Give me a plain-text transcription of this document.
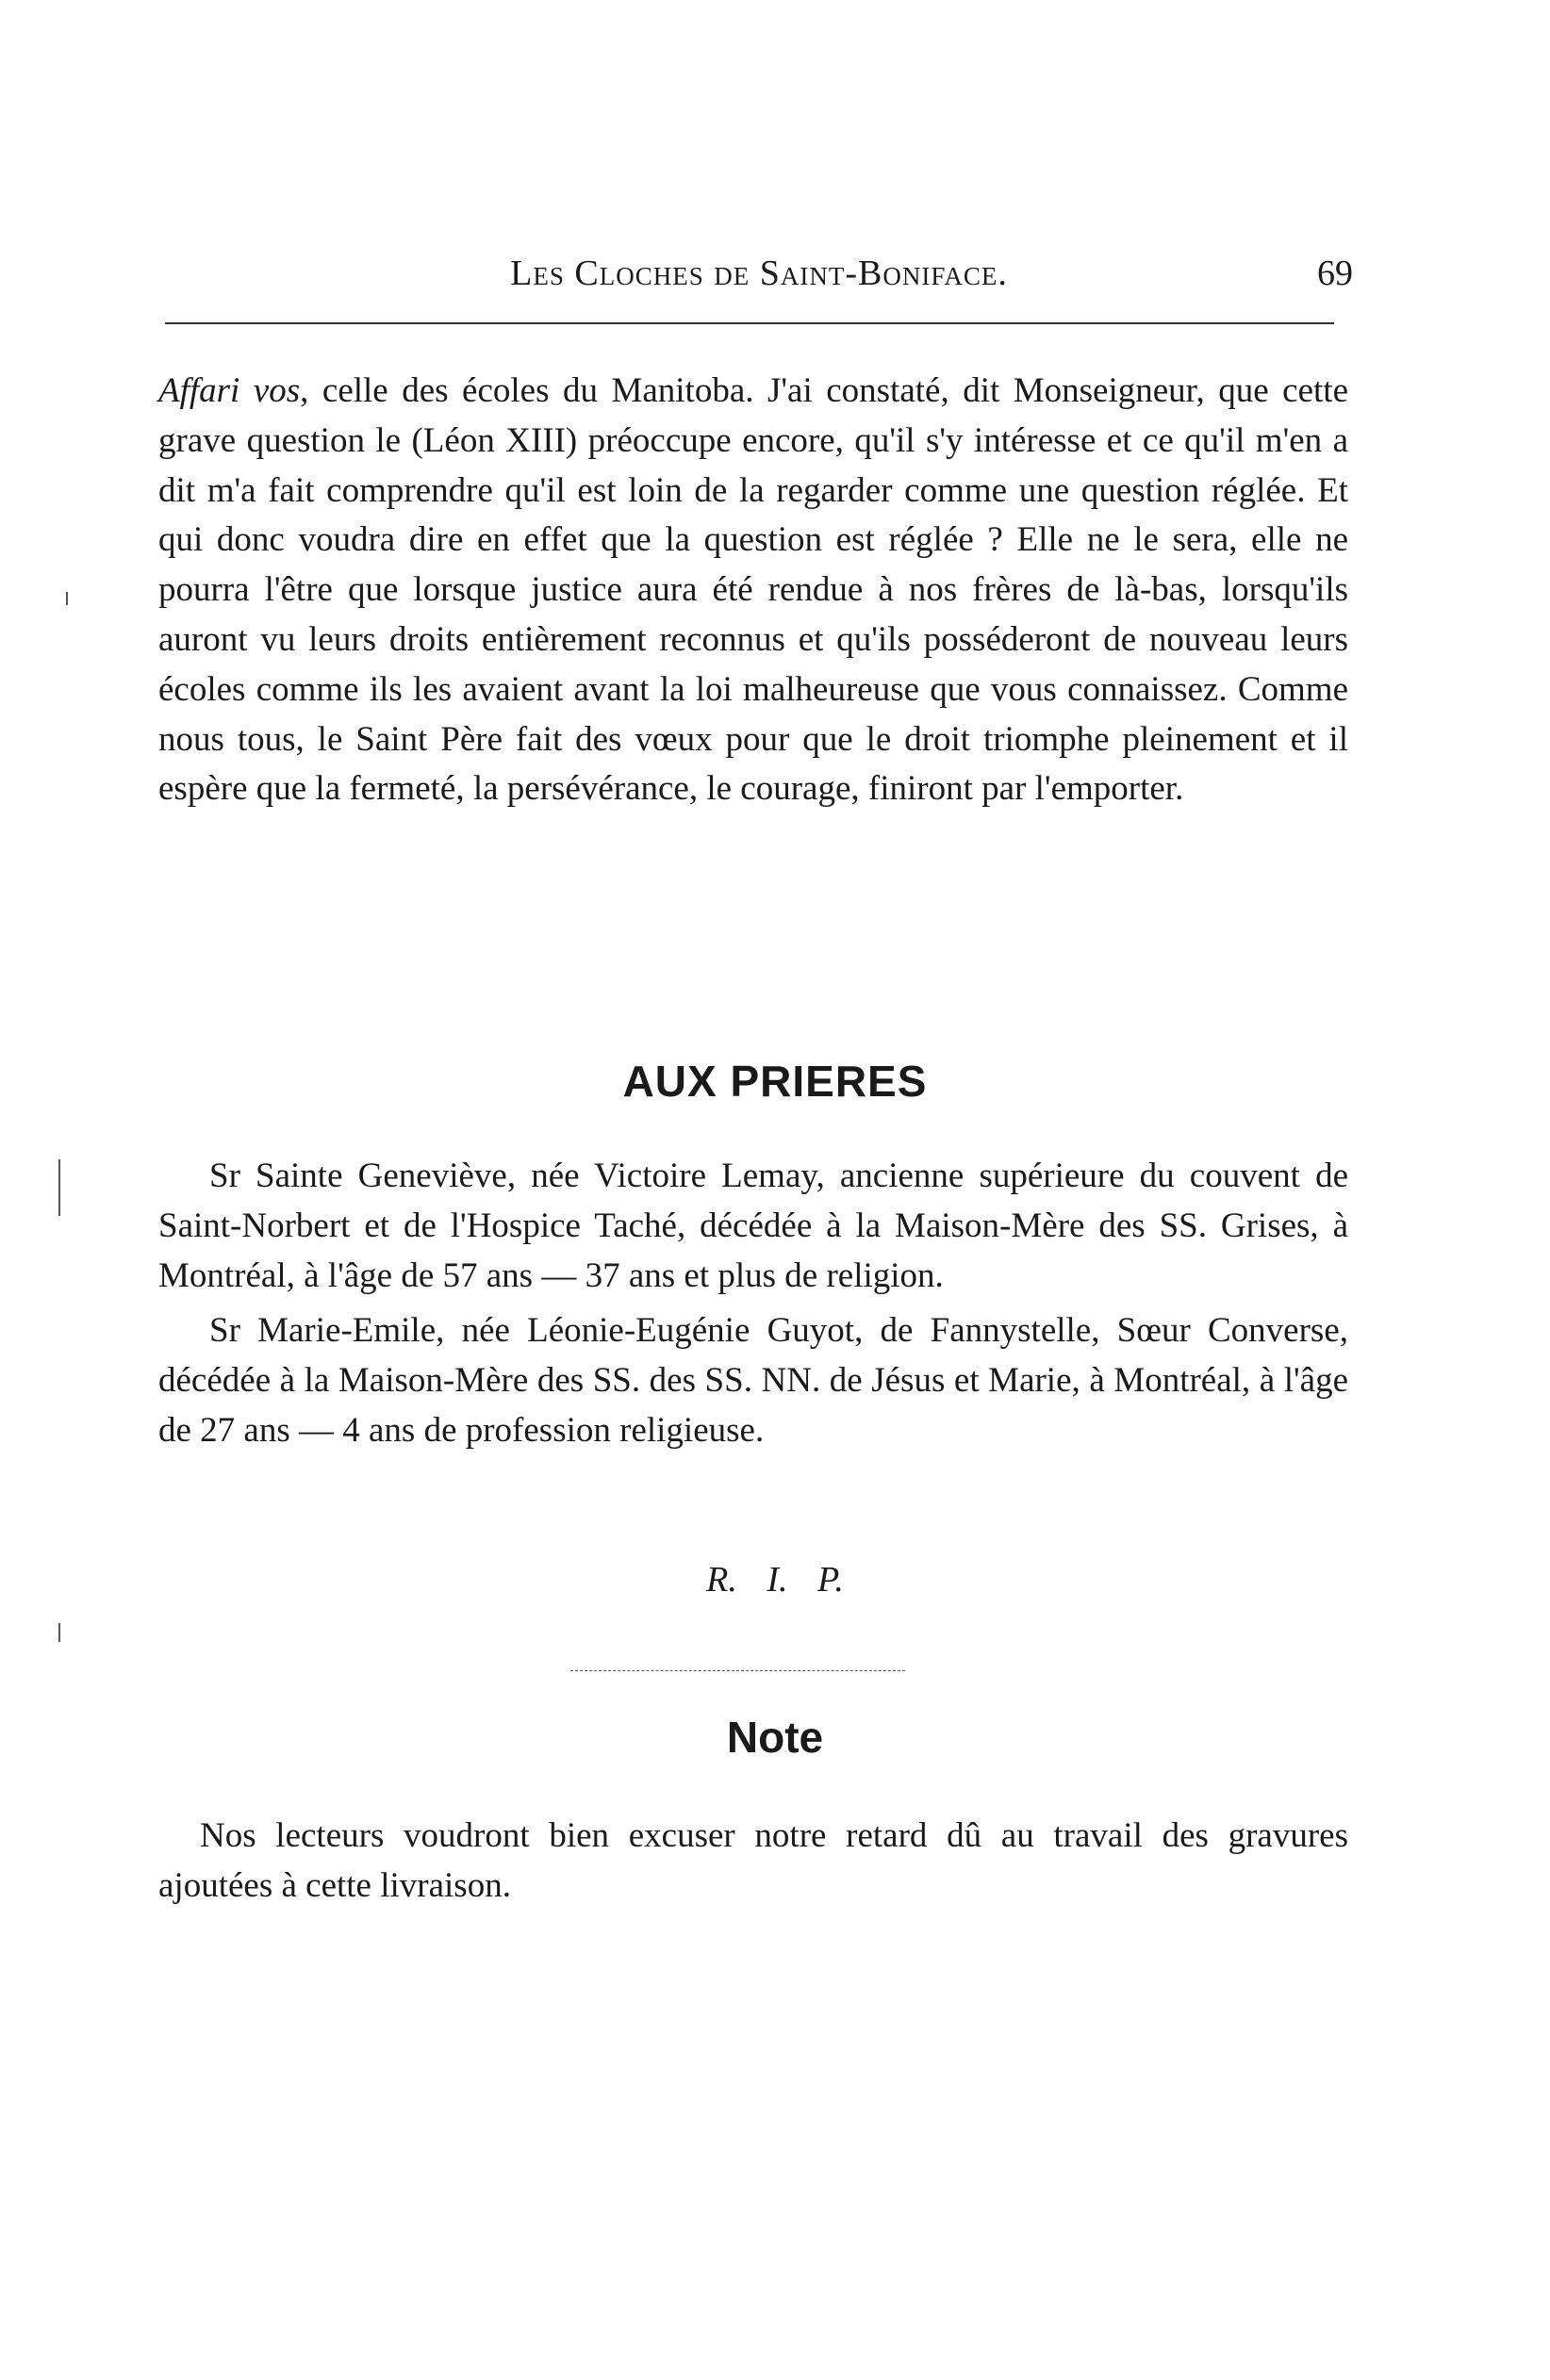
Les Cloches de Saint-Boniface.	69

Affari vos, celle des écoles du Manitoba. J'ai constaté, dit Monseigneur, que cette grave question le (Léon XIII) préoccupe encore, qu'il s'y intéresse et ce qu'il m'en a dit m'a fait comprendre qu'il est loin de la regarder comme une question réglée. Et qui donc voudra dire en effet que la question est réglée ? Elle ne le sera, elle ne pourra l'être que lorsque justice aura été rendue à nos frères de là-bas, lorsqu'ils auront vu leurs droits entièrement reconnus et qu'ils posséderont de nouveau leurs écoles comme ils les avaient avant la loi malheureuse que vous connaissez. Comme nous tous, le Saint Père fait des vœux pour que le droit triomphe pleinement et il espère que la fermeté, la persévérance, le courage, finiront par l'emporter.

AUX PRIERES

Sr Sainte Geneviève, née Victoire Lemay, ancienne supérieure du couvent de Saint-Norbert et de l'Hospice Taché, décédée à la Maison-Mère des SS. Grises, à Montréal, à l'âge de 57 ans — 37 ans et plus de religion.

Sr Marie-Emile, née Léonie-Eugénie Guyot, de Fannystelle, Sœur Converse, décédée à la Maison-Mère des SS. des SS. NN. de Jésus et Marie, à Montréal, à l'âge de 27 ans — 4 ans de profession religieuse.

R. I. P.
Note

Nos lecteurs voudront bien excuser notre retard dû au travail des gravures ajoutées à cette livraison.
